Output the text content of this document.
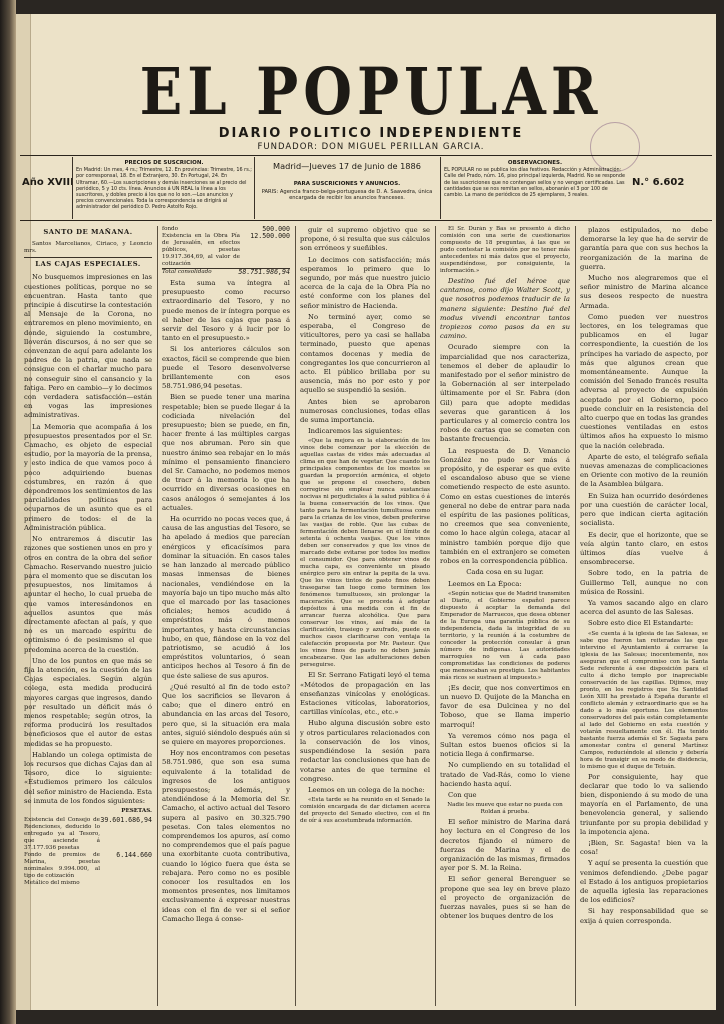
EL POPULAR
DIARIO POLITICO INDEPENDIENTE
FUNDADOR: DON MIGUEL PERILLAN GARCIA.
Año XVIII
PRECIOS DE SUSCRICION.
En Madrid: Un mes, 4 rs.; Trimestre, 12. En provincias: Trimestre, 16 rs.; por corresponsal, 18. En el Extranjero, 30. En Portugal, 24. En Ultramar, 60.—Los suscripciones y demás inserciones se al precio del periódico, 5 y 10 cts. línea. Anuncios á UN REAL la línea a los suscritores, y dobles precio á los que no lo son.—Los anuncios y precios convencionales. Toda la correspondencia se dirigirá al administrador del periódico D. Pedro Astolfo Rojo.
Madrid—Jueves 17 de Junio de 1886
PARA SUSCRICIONES Y ANUNCIOS.
PARIS: Agencia franco-belga-portuguesa de D. A. Saavedra, única encargada de recibir los anuncios franceses.
OBSERVACIONES.
EL POPULAR no se publica los días festivos. Redacción y Administración: Calle del Prado, núm. 16, piso principal izquierda, Madrid. No se responde de las suscriciones que no contengan sellos y no vengan certificadas. Las cantidades que se nos remitan en sellos, abonarán el 3 por 100 de cambio. La mano de periódicos de 25 ejemplares, 3 reales.
N.° 6.602

SANTO DE MAÑANA.

Santos Marcelianos, Ciriaco, y Leoncio mrs.

LAS CAJAS ESPECIALES.

No busquemos impresiones en las cuestiones políticas, porque no se encuentran. Hasta tanto que principie á discutirse la contestación al Mensaje de la Corona, no entraremos en pleno movimiento, en donde, siguiendo la costumbre, lloverán discursos, á no ser que se convenzan de aquí para adelante los padres de la patria, que nada se consigue con el charlar mucho para no conseguir sino el cansancio y la fatiga. Pero en cambio—y lo decimos con verdadera satisfacción—están en vogas las impresiones administrativas.

La Memoria que acompaña á los presupuestos presentados por el Sr. Camacho, es objeto de especial estudio, por la mayoría de la prensa, y esto indica de que vamos poco á poco adquiriendo buenas costumbres, en razón á que depondremos los sentimientos de las parcialidades políticas para ocuparnos de un asunto que es el primero de todos: el de la Administración pública.

No entraremos á discutir las razones que sostienen unos en pro y otros en contra de la obra del señor Camacho. Reservando nuestro juicio para el momento que se discutan los presupuestos, nos limitamos á apuntar el hecho, lo cual prueba de que vamos interesándonos en aquellos asuntos que más directamente afectan al país, y que no es un marcado espíritu de optimismo ó de pesimismo el que predomina acerca de la cuestión.

Uno de los puntos en que más se fija la atención, es la cuestión de las Cajas especiales. Según algún colega, esta medida producirá mayores cargas que ingresos, dando por resultado un déficit más ó menos respetable; según otros, la reforma producirá los resultados beneficiosos que el autor de estas medidas se ha propuesto.

Hablando un colega optimista de los recursos que dichas Cajas dan al Tesoro, dice lo siguiente: «Estudiemos primero los cálculos del señor ministro de Hacienda. Esta se inmuta de los fondos siguientes:

PESETAS.

Existencia del Consejo de Redenciones, deducido lo entregado ya al Tesoro, que asciende á 37.177.936 pesetas
39.601.686,94
Fondo de premios de Marina, pesetas nominales 9.994.000, al tipo de cotización
6.144.660
Metálico del mismo
fondo	500.000
Existencia en la Obra Pía de Jerusalén, en efectos públicos, pesetas 19.917.364,69, al valor de cotización
12.500.000
Total consolidado	58.751.986,94

Esta suma va íntegra al presupuesto como recurso extraordinario del Tesoro, y no puede menos de ir íntegra porque es el haber de las cajas que pasa á servir del Tesoro y á lucir por lo tanto en el presupuesto.»

Si los anteriores cálculos son exactos, fácil se comprende que bien puede el Tesoro desenvolverse brillantemente con esos 58.751.986,94 pesetas.

Bien se puede tener una marina respetable; bien se puede llegar á la codiciada nivelación del presupuesto; bien se puede, en fin, hacer frente á las múltiples cargas que nos abruman. Pero sin que nuestro ánimo sea rebajar en lo más mínimo el pensamiento financiero del Sr. Camacho, no podemos menos de tracr á la memoria lo que ha ocurrido en diversas ocasiones en casos análogos ó semejantes á los actuales.

Ha ocurrido no pocas veces que, á causa de las angustias del Tesoro, se ha apelado á medios que parecían enérgicos y eficacísimos para dominar la situación. En casos tales se han lanzado al mercado público masas inmensas de bienes nacionales, vendiéndose en la mayoría bajo un tipo mucho más alto que el marcado por las tasaciones oficiales; hemos acudido á empréstitos más ó menos importantes, y hasta circunstancias hubo, en que, fiándose en la voz del patriotismo, se acudió á los empréstitos voluntarios, ó sean anticipos hechos al Tesoro á fin de que éste saliese de sus apuros.

¿Qué resultó al fin de todo esto? Que los sacrificios se llevaron á cabo; que el dinero entró en abundancia en las arcas del Tesoro, pero que, si la situación era mala antes, siguió siéndolo después aún si se quiere en mayores proporciones.

Hoy nos encontramos con pesetas 58.751.986, que son esa suma equivalente á la totalidad de ingresos de los antiguos presupuestos; además, y atendiéndose á la Memoria del Sr. Camacho, el activo actual del Tesoro supera al pasivo en 30.325.790 pesetas. Con tales elementos no comprendemos los apuros, así como no comprendemos que el país pague una exorbitante cuota contributiva, cuando lo lógico fuera que ésta se rebajara. Pero como no es posible conocer los resultados en los momentos presentes, nos limitamos exclusivamente á expresar nuestras ideas con el fin de ver si el señor Camacho llega á conse-

guir el supremo objetivo que se propone, ó si resulta que sus cálculos son erróneos y sueñibles.

Lo decimos con satisfacción; más esperamos lo primero que lo segundo, por más que nuestro juicio acerca de la caja de la Obra Pía no esté conforme con los planes del señor ministro de Hacienda.

No terminó ayer, como se esperaba, el Congreso de viticultores, pero ya casi se hallaba terminado, puesto que apenas contamos docenas y media de congregantes los que concurrieron al acto. El público brillaba por su ausencia, más no por esto y por aquello se suspendió la sesión.

Antes bien se aprobaron numerosas conclusiones, todas ellas de suma importancia.

Indicaremos las siguientes:

«Que la mejora en la elaboración de los vinos debe comenzar por la elección de aquellas castas de vides más adecuadas al clima en que han de vegetar. Que cuando los principales componentes de los mostos se guardan la proporción armónica, el objeto que se propone el cosechero, deben corregirse sin emplear nunca sustancias nocivas ni perjudiciales á la salud pública ó á la buena conservación de los vinos. Que tanto para la fermentación tumultuosa como para la crianza de los vinos, deben preferirse las vasijas de roble. Que las cubas de fermentación deben llenarse en el límite de setenta ú ochenta vasijas. Que los vinos deben ser conservados y que los vinos de marcado debe evitarse por todos los medios el consumidor. Que para obtener vinos de mucha capa, es conveniente un pisado enérgico pero sin entrar la pepita de la uva. Que los vinos tintos de pasto finos deben trasegarse tan luego como terminen los fenómenos tumultuosos, sin prolongar la maceración. Que se proceda á adoptar depósitos á una medida con el fin de arrancar fuerza alcohólica. Que para conservar los vinos, así más de la clarificación, trasiego y azufrado, puede en muchos casos clarificarse con ventaja la calefacción propuesta por Mr. Pasteur. Que los vinos finos de pasto no deben jamás encabezarse. Que las adulteraciones deben perseguirse.

El Sr. Serrano Fatigati leyó el tema «Métodos de propagación en las enseñanzas vinícolas y enológicas. Estaciones vitícolas, laboratorios, cartillas vinícolas, etc., etc.»

Hubo alguna discusión sobre esto y otros particulares relacionados con la conservación de los vinos, suspendiéndose la sesión para redactar las conclusiones que han de votarse antes de que termine el congreso.

Leemos en un colega de la noche:

«Esta tarde se ha reunido en el Senado la comisión encargada de dar dictamen acerca del proyecto del Senado electivo, con el fin de oír á sus acostumbrada información.

El Sr. Durán y Bas se presentó á dicho comisión con una serie de cuestionarios compuesto de 18 preguntas, á las que se pudo contestar la comisión por no tener más antecedentes ni más datos que el proyecto, suspendiéndose, por consiguiente, la información.»

Destino fué del héroe que cantamos, como dijo Walter Scott, y que nosotros podemos traducir de la manera siguiente: Destino fué del modus vivendi encontrar tantos tropiezos como pasos da en su camino.

Ocurado siempre con la imparcialidad que nos caracteriza, tenemos el deber de aplaudir lo manifestado por el señor ministro de la Gobernación al ser interpelado últimamente por el Sr. Fabra (don Gil) para que adopte medidas severas que garanticen á los particulares y al comercio contra los robos de cartas que se cometen con bastante frecuencia.

La respuesta de D. Venancio González no pudo ser más á propósito, y de esperar es que evite el escandaloso abuso que se viene cometiendo respecto de este asunto. Como en estas cuestiones de interés general no debe de entrar para nada el espíritu de las pasiones políticas, no creemos que sea conveniente, como lo hace algún colega, atacar al ministro también porque dijo que también en el extranjero se cometen robos en la correspondencia pública.

Cada cosa en su lugar.

Leemos en La Época:

«Según noticias que de Madrid transmiten al Diario, el Gobierno español parece dispuesto á aceptar la demanda del Emperador de Marruecos, que desea obtener de la Europa una garantía pública de su independencia, dada la integridad de su territorio, y la reunión á la costumbre de conceder la protección consular á gran número de indígenas. Las autoridades marroquíes no ven á cada paso comprometidas las condiciones de poderes que menoscaban su prestigio. Los habitantes más ricos se sustraen al impuesto.»

¡Es decir, que nos convertimos en un nuevo D. Quijote de la Mancha en favor de esa Dulcinea y no del Toboso, que se llama imperio marroquí!

Ya veremos cómo nos paga el Sultan estos buenos oficios si la noticia llega á confirmarse.

No cumpliendo en su totalidad el tratado de Vad-Rás, como lo viene haciendo hasta aquí.

Con que

Nadie les mueve que estar no pueda con Roldan á prueba.

El señor ministro de Marina dará hoy lectura en el Congreso de los decretos fijando el número de fuerzas de Marina y el de organización de las mismas, firmados ayer por S. M. la Reina.

El señor general Berenguer se propone que sea ley en breve plazo el proyecto de organización de fuerzas navales, pues si se han de obtener los buques dentro de los

plazos estipulados, no debe demorarse la ley que ha de servir de garantía para que con sus hechos la reorganización de la marina de guerra.

Mucho nos alegraremos que el señor ministro de Marina alcance sus deseos respecto de nuestra Armada.

Como pueden ver nuestros lectores, en los telegramas que publicamos en el lugar correspondiente, la cuestión de los príncipes ha variado de aspecto, por más que algunos crean que momentáneamente. Aunque la comisión del Senado francés resulta adversa al proyecto de expulsión aceptado por el Gobierno, poco puede concluir en la resistencia del alto cuerpo que en todas las grandes cuestiones ventiladas en estos últimos años ha expuesto lo mismo que la nación celebrada.

Aparte de esto, el telégrafo señala nuevas amenazas de complicaciones en Oriente con motivo de la reunión de la Asamblea búlgara.

En Suiza han ocurrido desórdenes por una cuestión de carácter local, pero que indican cierta agitación socialista.

Es decir, que el horizonte, que se veía algún tanto claro, en estos últimos días vuelve á ensombrecerse.

Sobre todo, en la patria de Guillermo Tell, aunque no con música de Rossini.

Ya vamos sacando algo en claro acerca del asunto de las Salesas.

Sobre esto dice El Estandarte:

«Se cuenta á la iglesia de las Salesas, se sabe que fueron tan reiteradas las que intervino el Ayuntamiento á cerrarse la iglesia de las Salesas; inocentemente, nos aseguran que el compromiso con la Santa Sede referente á ese disposición para el culto á dicho templo por inapreciable conservación de las capillas. Dijimos, muy pronto, en los registros que Su Santidad León XIII ha prestado á España durante el conflicto alemán y extraordinario que se ha dado a lo más oportuno. Los elementos conservadores del país están completamente al lado del Gobierno en esta cuestión y votarán resueltamente con él. Ha tenido bastante fuerza además el Sr. Sagasta para amonestar contra el general Martínez Campos, reduciéndole al silencio y debería hora de transigir en su modo de disidencia, lo mismo que el duque de Tetuán.

Por consiguiente, hay que declarar que todo lo va saliendo bien, disponiendo á su modo de una mayoría en el Parlamento, de una benevolencia general, y saliendo triunfante por su propia debilidad y la impotencia ajena.

¡Bien, Sr. Sagasta! bien va la cosa!

Y aquí se presenta la cuestión que venimos defendiendo. ¿Debe pagar el Estado á los antiguos propietarios de aquella iglesia las reparaciones de los edificios?

Si hay responsabilidad que se exija á quien corresponda.
